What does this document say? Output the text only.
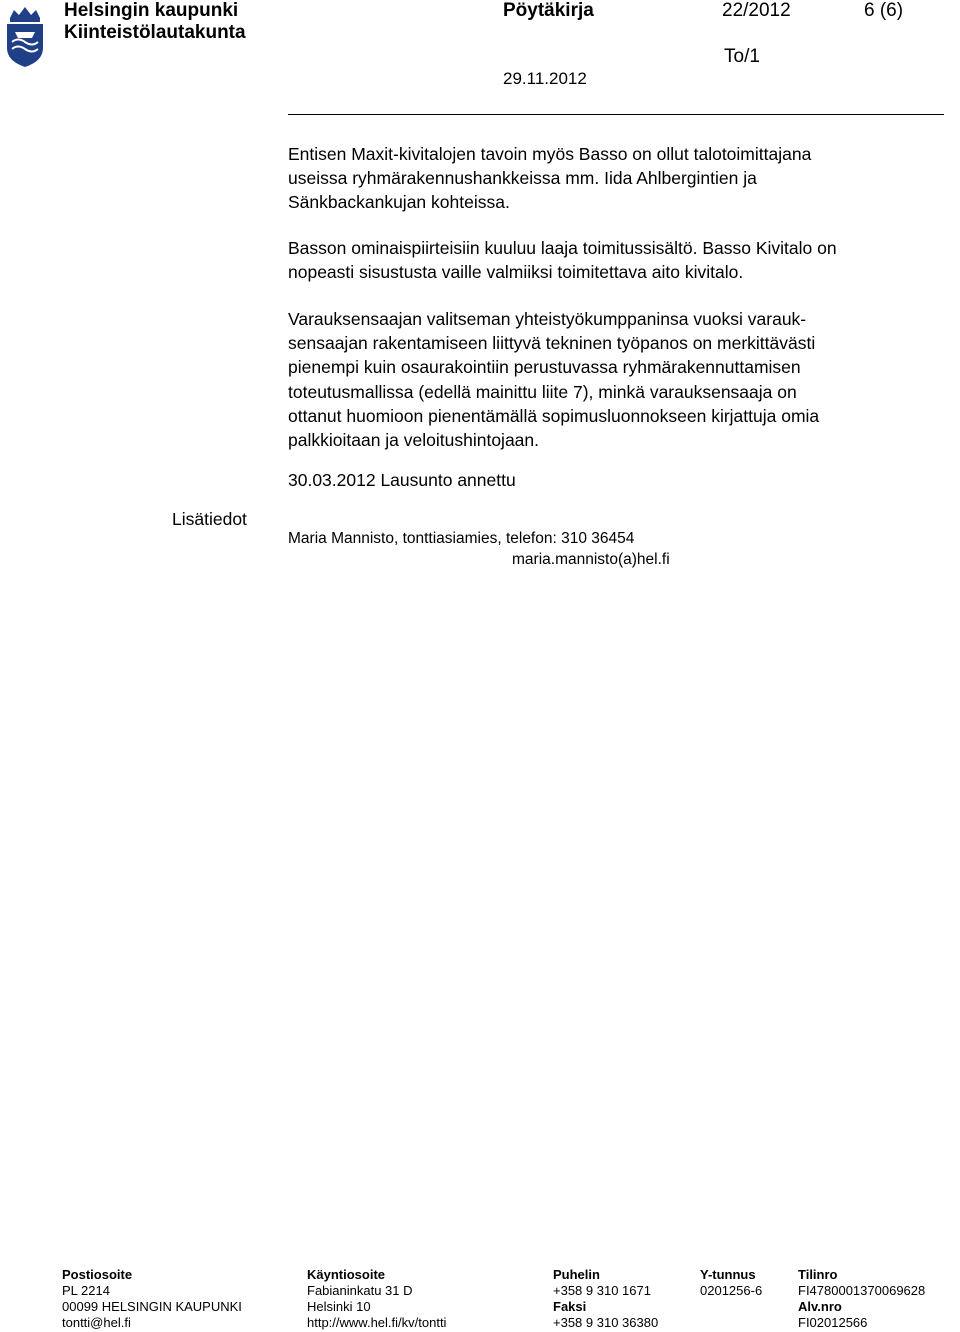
Helsingin kaupunki
Kiinteistölautakunta
Pöytäkirja	22/2012	6 (6)
To/1
29.11.2012
Entisen Maxit-kivitalojen tavoin myös Basso on ollut talotoimittajana
useissa ryhmärakennushankkeissa mm. Iida Ahlbergintien ja
Sänkbackankujan kohteissa.
Basson ominaispiirteisiin kuuluu laaja toimitussisältö. Basso Kivitalo on
nopeasti sisustusta vaille valmiiksi toimitettava aito kivitalo.
Varauksensaajan valitseman yhteistyökumppaninsa vuoksi varauk-
sensaajan rakentamiseen liittyvä tekninen työpanos on merkittävästi
pienempi kuin osaurakointiin perustuvassa ryhmärakennuttamisen
toteutusmallissa (edellä mainittu liite 7), minkä varauksensaaja on
ottanut huomioon pienentämällä sopimusluonnokseen kirjattuja omia
palkkioitaan ja veloitushintojaan.
30.03.2012 Lausunto annettu
Lisätiedot
Maria Mannisto, tonttiasiamies, telefon: 310 36454
maria.mannisto(a)hel.fi
Postiosoite
PL 2214
00099 HELSINGIN KAUPUNKI
tontti@hel.fi
Käyntiosoite
Fabianinkatu 31 D
Helsinki 10
http://www.hel.fi/kv/tontti
Puhelin
+358 9 310 1671
Faksi
+358 9 310 36380
Y-tunnus
0201256-6
Tilinro
FI4780001370069628
Alv.nro
FI02012566
